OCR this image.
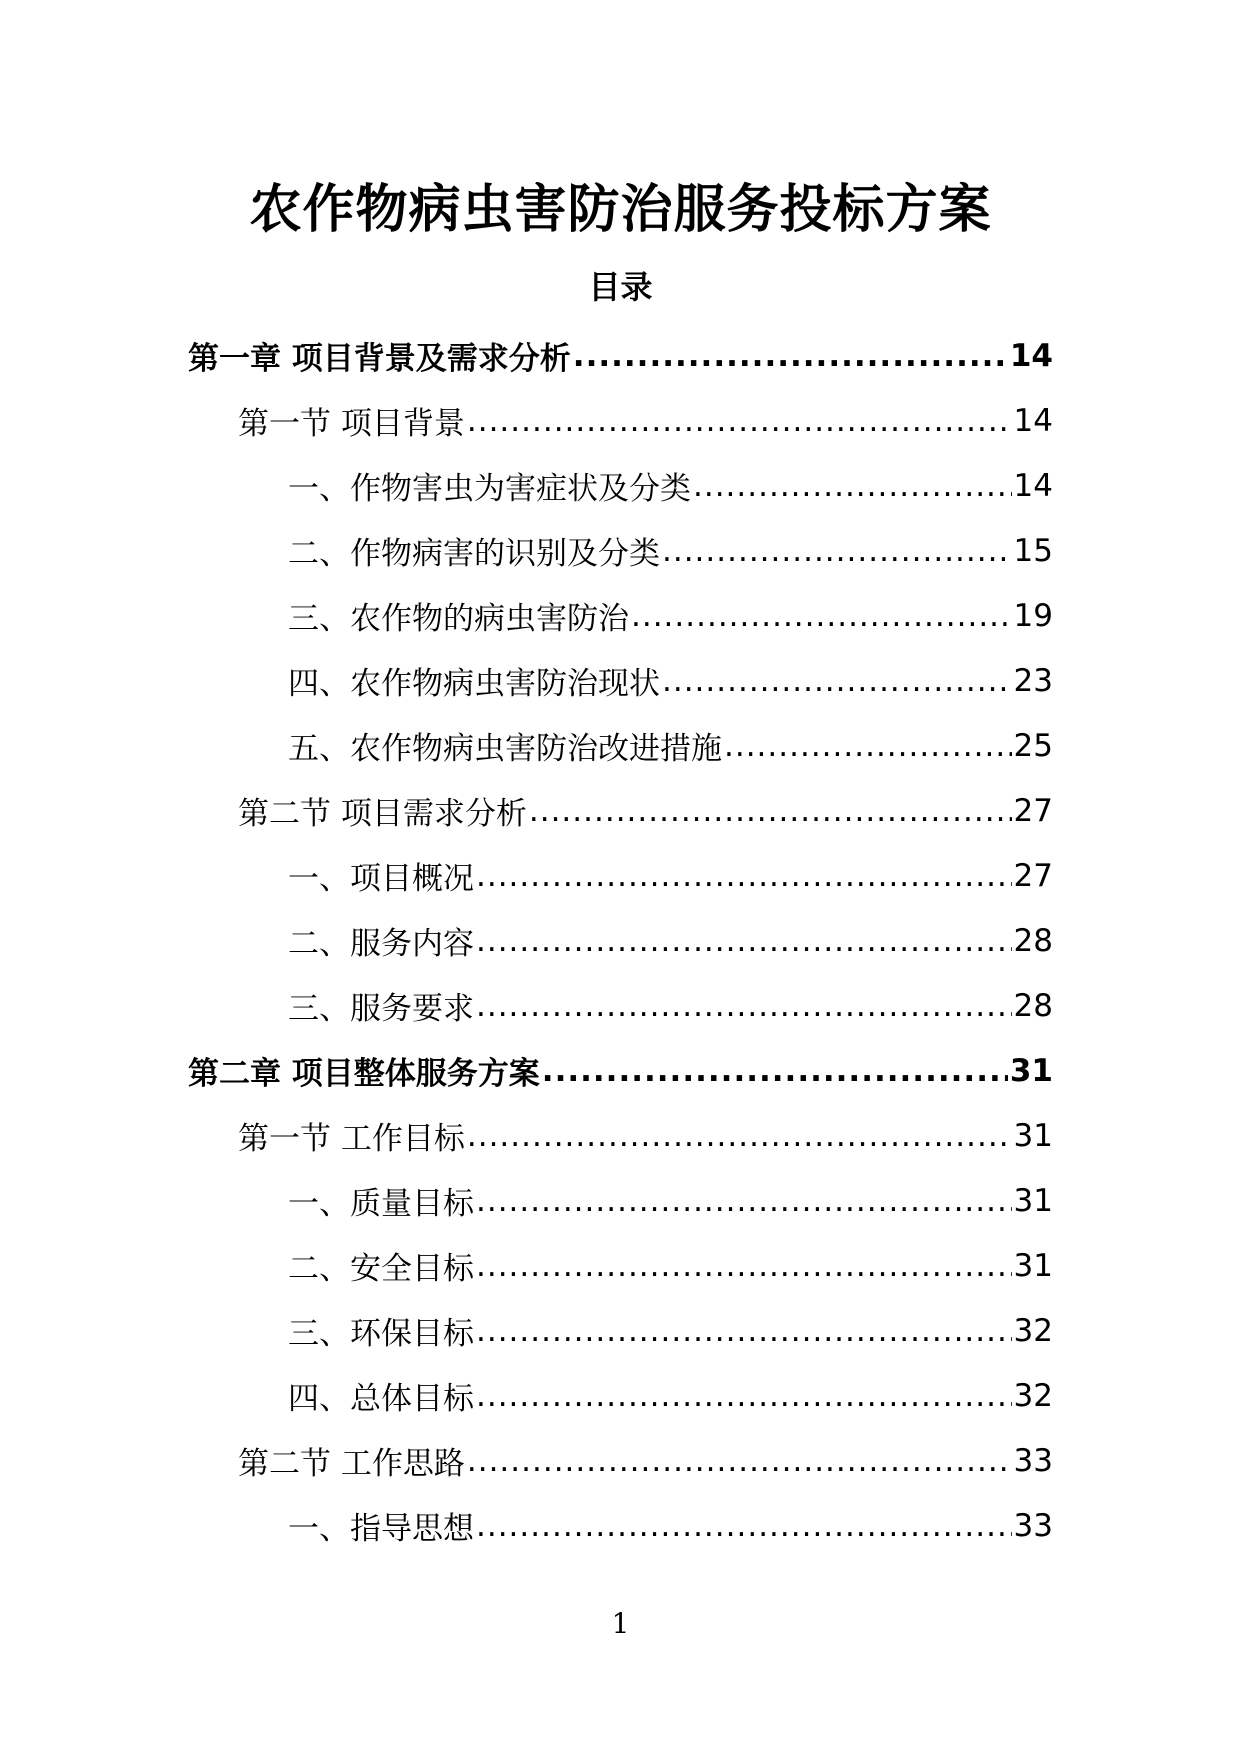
农作物病虫害防治服务投标方案
目录
第一章 项目背景及需求分析 .....	14
第一节 项目背景 .....	14
一、作物害虫为害症状及分类 .....	14
二、作物病害的识别及分类 .....	15
三、农作物的病虫害防治 .....	19
四、农作物病虫害防治现状 .....	23
五、农作物病虫害防治改进措施 .....	25
第二节 项目需求分析 .....	27
一、项目概况 .....	27
二、服务内容 .....	28
三、服务要求 .....	28
第二章 项目整体服务方案 .....	31
第一节 工作目标 .....	31
一、质量目标 .....	31
二、安全目标 .....	31
三、环保目标 .....	32
四、总体目标 .....	32
第二节 工作思路 .....	33
一、指导思想 .....	33
1
